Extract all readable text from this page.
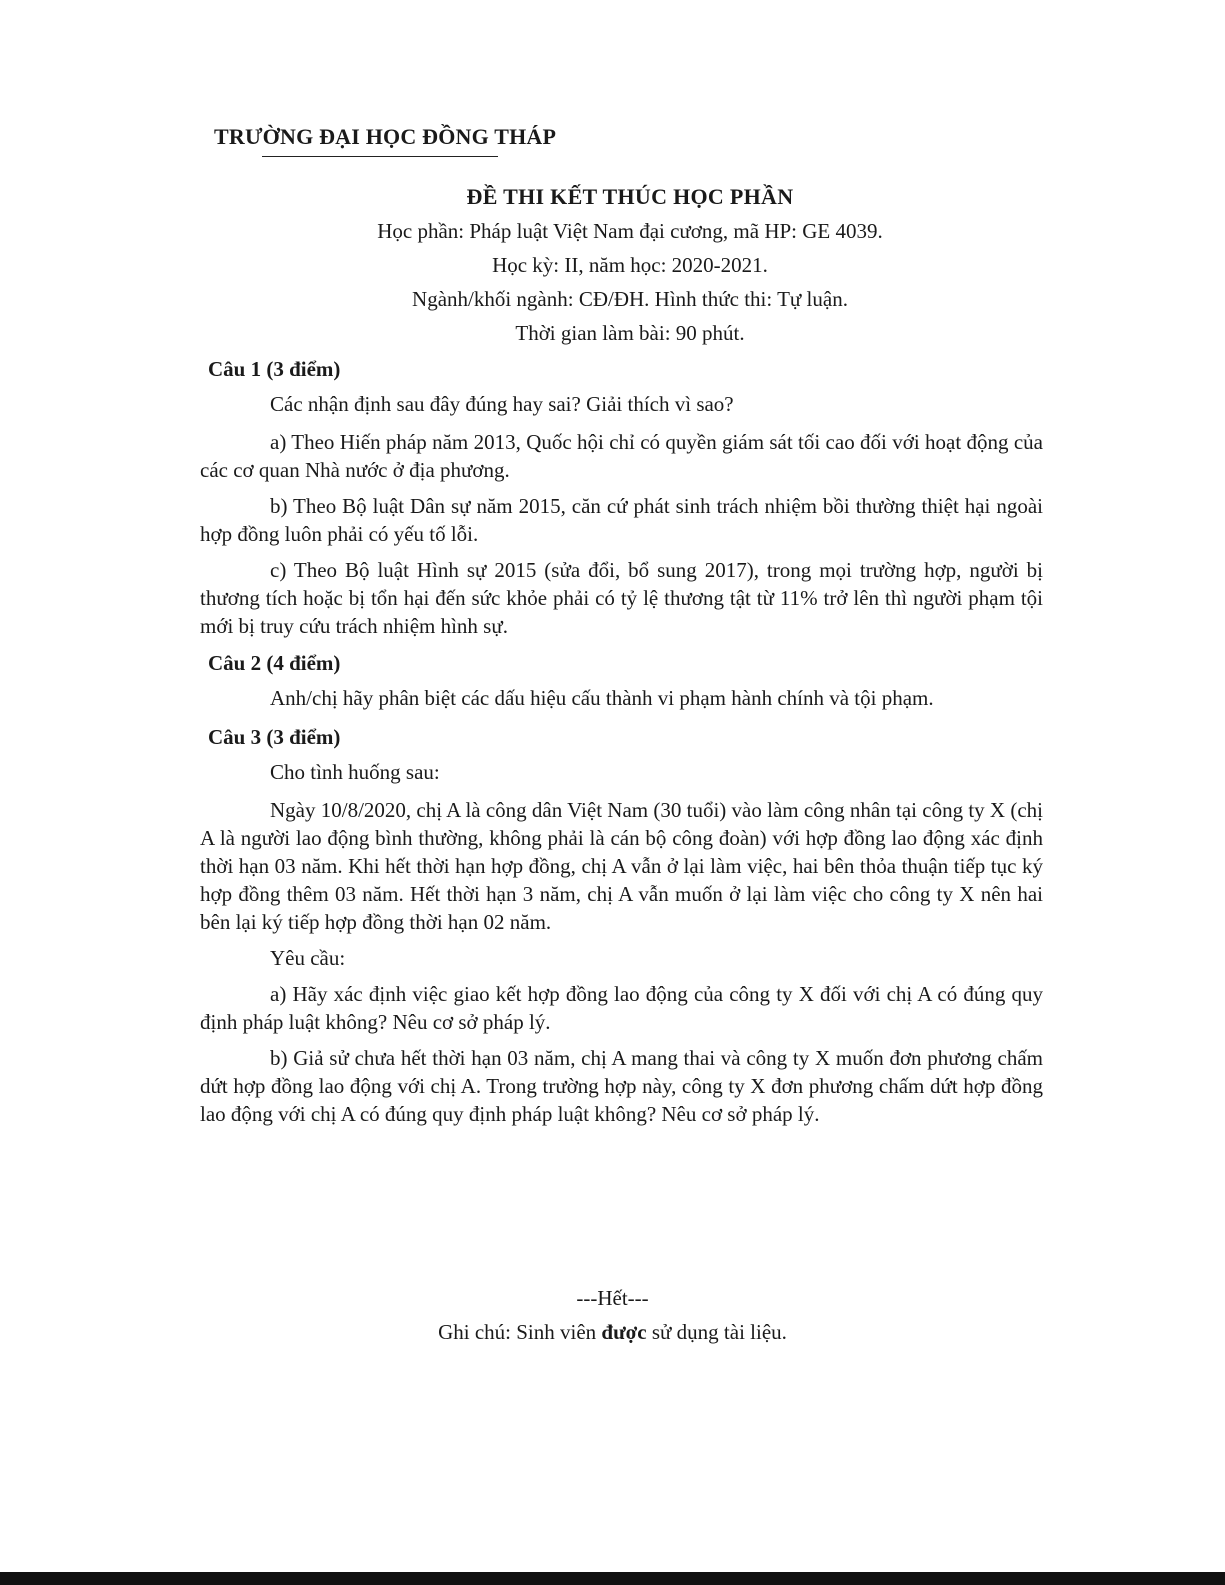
TRƯỜNG ĐẠI HỌC ĐỒNG THÁP
ĐỀ THI KẾT THÚC HỌC PHẦN
Học phần: Pháp luật Việt Nam đại cương, mã HP: GE 4039.
Học kỳ: II, năm học: 2020-2021.
Ngành/khối ngành: CĐ/ĐH. Hình thức thi: Tự luận.
Thời gian làm bài: 90 phút.
Câu 1 (3 điểm)

Các nhận định sau đây đúng hay sai? Giải thích vì sao?

a) Theo Hiến pháp năm 2013, Quốc hội chỉ có quyền giám sát tối cao đối với hoạt động của các cơ quan Nhà nước ở địa phương.

b) Theo Bộ luật Dân sự năm 2015, căn cứ phát sinh trách nhiệm bồi thường thiệt hại ngoài hợp đồng luôn phải có yếu tố lỗi.

c) Theo Bộ luật Hình sự 2015 (sửa đổi, bổ sung 2017), trong mọi trường hợp, người bị thương tích hoặc bị tổn hại đến sức khỏe phải có tỷ lệ thương tật từ 11% trở lên thì người phạm tội mới bị truy cứu trách nhiệm hình sự.

Câu 2 (4 điểm)

Anh/chị hãy phân biệt các dấu hiệu cấu thành vi phạm hành chính và tội phạm.

Câu 3 (3 điểm)

Cho tình huống sau:

Ngày 10/8/2020, chị A là công dân Việt Nam (30 tuổi) vào làm công nhân tại công ty X (chị A là người lao động bình thường, không phải là cán bộ công đoàn) với hợp đồng lao động xác định thời hạn 03 năm. Khi hết thời hạn hợp đồng, chị A vẫn ở lại làm việc, hai bên thỏa thuận tiếp tục ký hợp đồng thêm 03 năm. Hết thời hạn 3 năm, chị A vẫn muốn ở lại làm việc cho công ty X nên hai bên lại ký tiếp hợp đồng thời hạn 02 năm.

Yêu cầu:

a) Hãy xác định việc giao kết hợp đồng lao động của công ty X đối với chị A có đúng quy định pháp luật không? Nêu cơ sở pháp lý.

b) Giả sử chưa hết thời hạn 03 năm, chị A mang thai và công ty X muốn đơn phương chấm dứt hợp đồng lao động với chị A. Trong trường hợp này, công ty X đơn phương chấm dứt hợp đồng lao động với chị A có đúng quy định pháp luật không? Nêu cơ sở pháp lý.

---Hết---
Ghi chú: Sinh viên được sử dụng tài liệu.
